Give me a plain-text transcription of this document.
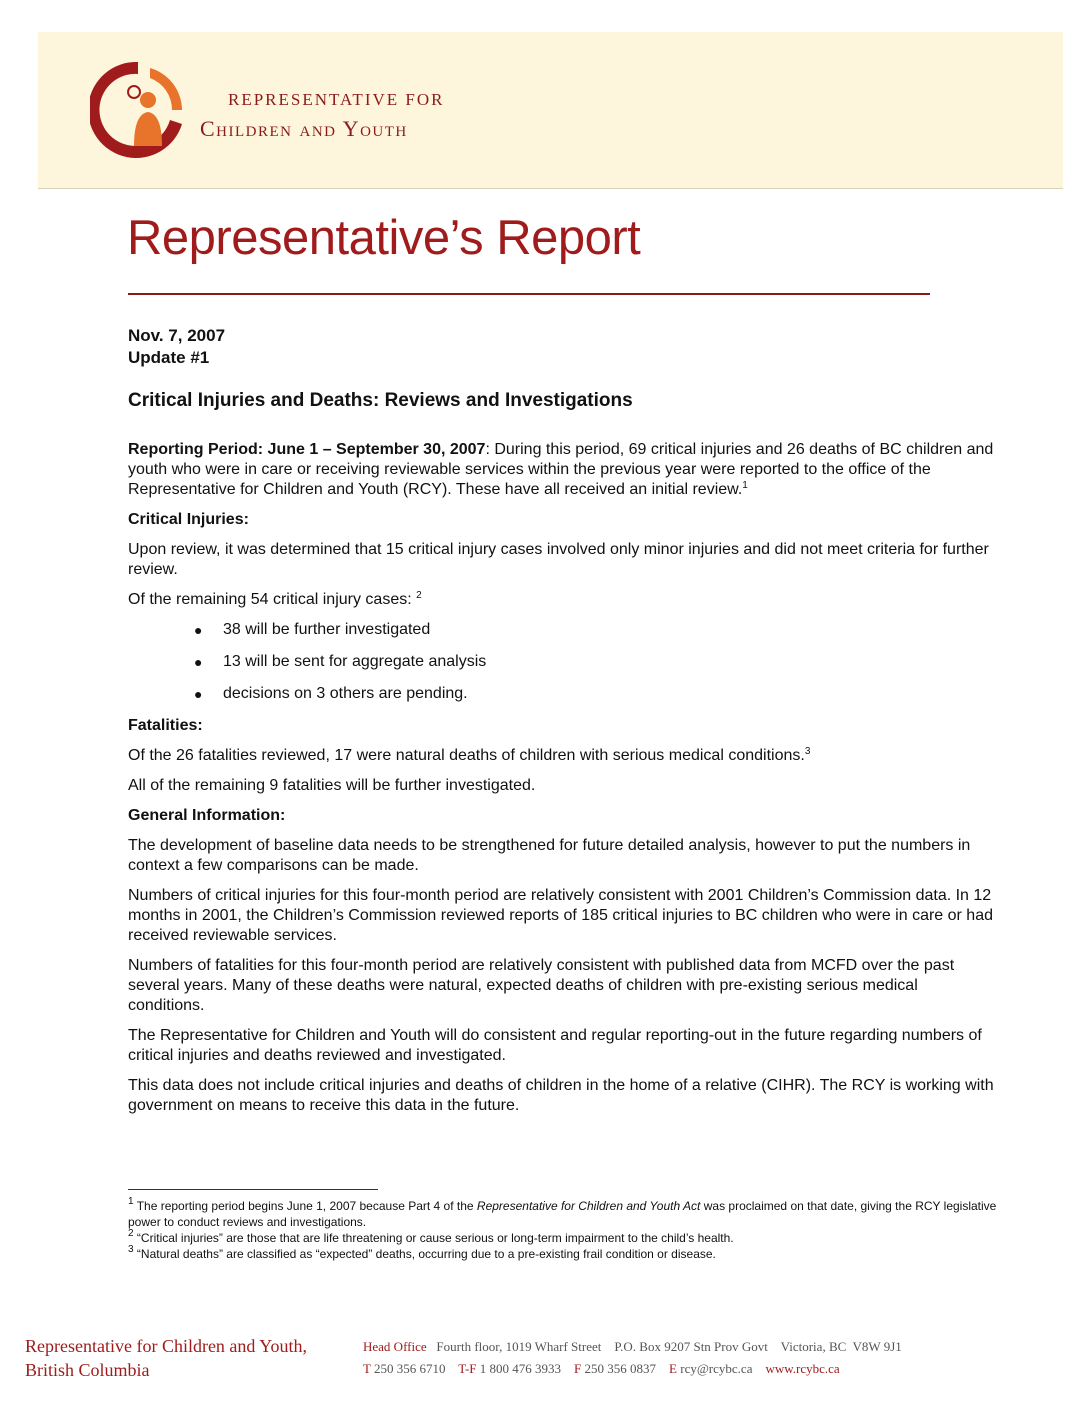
REPRESENTATIVE FOR
Children and Youth
Representative’s Report

Nov. 7, 2007

Update #1

Critical Injuries and Deaths: Reviews and Investigations

Reporting Period: June 1 – September 30, 2007: During this period, 69 critical injuries and 26 deaths of BC children and youth who were in care or receiving reviewable services within the previous year were reported to the office of the Representative for Children and Youth (RCY). These have all received an initial review.$^1$

Critical Injuries:

Upon review, it was determined that 15 critical injury cases involved only minor injuries and did not meet criteria for further review.

Of the remaining 54 critical injury cases: $^2$

● 38 will be further investigated
● 13 will be sent for aggregate analysis
● decisions on 3 others are pending.

Fatalities:

Of the 26 fatalities reviewed, 17 were natural deaths of children with serious medical conditions.$^3$

All of the remaining 9 fatalities will be further investigated.

General Information:

The development of baseline data needs to be strengthened for future detailed analysis, however to put the numbers in context a few comparisons can be made.

Numbers of critical injuries for this four-month period are relatively consistent with 2001 Children’s Commission data. In 12 months in 2001, the Children’s Commission reviewed reports of 185 critical injuries to BC children who were in care or had received reviewable services.

Numbers of fatalities for this four-month period are relatively consistent with published data from MCFD over the past several years. Many of these deaths were natural, expected deaths of children with pre-existing serious medical conditions.

The Representative for Children and Youth will do consistent and regular reporting-out in the future regarding numbers of critical injuries and deaths reviewed and investigated.

This data does not include critical injuries and deaths of children in the home of a relative (CIHR). The RCY is working with government on means to receive this data in the future.

$^1$ The reporting period begins June 1, 2007 because Part 4 of the Representative for Children and Youth Act was proclaimed on that date, giving the RCY legislative power to conduct reviews and investigations.

$^2$ “Critical injuries” are those that are life threatening or cause serious or long-term impairment to the child’s health.

$^3$ “Natural deaths” are classified as “expected” deaths, occurring due to a pre-existing frail condition or disease.

Representative for Children and Youth,
British Columbia
Head Office Fourth floor, 1019 Wharf Street    P.O. Box 9207 Stn Prov Govt    Victoria, BC  V8W 9J1
T 250 356 6710 T-F 1 800 476 3933 F 250 356 0837 E rcy@rcybc.ca www.rcybc.ca
